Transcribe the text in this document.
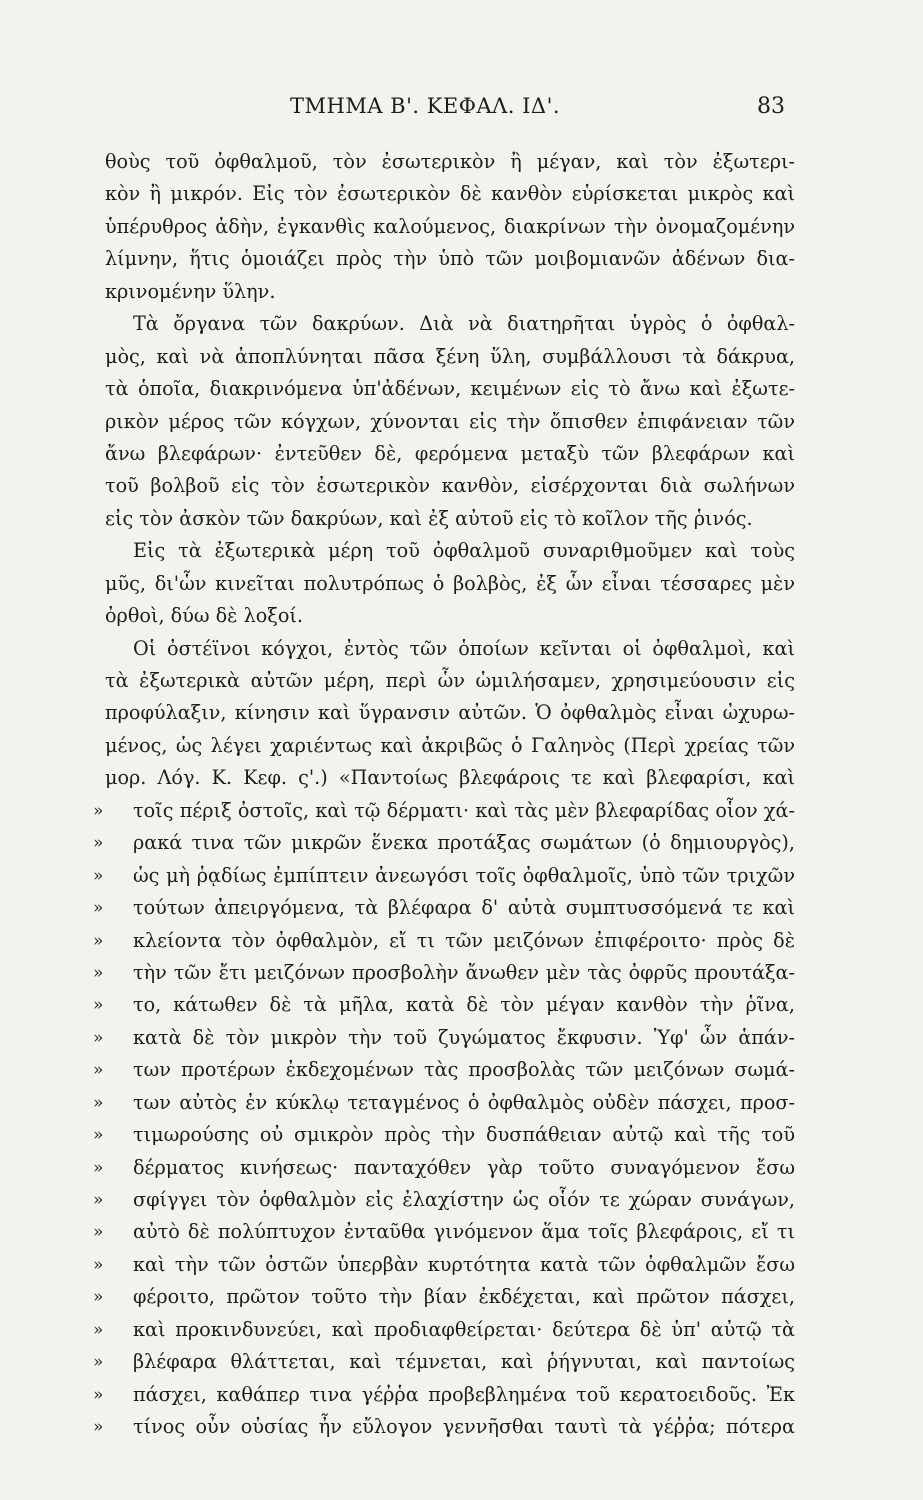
ΤΜΗΜΑ Β'. ΚΕΦΑΛ. ΙΔ'.	83
θοὺς τοῦ ὀφθαλμοῦ, τὸν ἐσωτερικὸν ἢ μέγαν, καὶ τὸν ἐξωτερι-
κὸν ἢ μικρόν. Εἰς τὸν ἐσωτερικὸν δὲ κανθὸν εὑρίσκεται μικρὸς καὶ
ὑπέρυθρος ἀδὴν, ἐγκανθὶς καλούμενος, διακρίνων τὴν ὀνομαζομένην
λίμνην, ἥτις ὁμοιάζει πρὸς τὴν ὑπὸ τῶν μοιβομιανῶν ἀδένων δια-
κρινομένην ὕλην.
Τὰ ὄργανα τῶν δακρύων. Διὰ νὰ διατηρῆται ὑγρὸς ὁ ὀφθαλ-
μὸς, καὶ νὰ ἀποπλύνηται πᾶσα ξένη ὕλη, συμβάλλουσι τὰ δάκρυα,
τὰ ὁποῖα, διακρινόμενα ὑπ'ἀδένων, κειμένων εἰς τὸ ἄνω καὶ ἐξωτε-
ρικὸν μέρος τῶν κόγχων, χύνονται εἰς τὴν ὄπισθεν ἐπιφάνειαν τῶν
ἄνω βλεφάρων· ἐντεῦθεν δὲ, φερόμενα μεταξὺ τῶν βλεφάρων καὶ
τοῦ βολβοῦ εἰς τὸν ἐσωτερικὸν κανθὸν, εἰσέρχονται διὰ σωλήνων
εἰς τὸν ἀσκὸν τῶν δακρύων, καὶ ἐξ αὐτοῦ εἰς τὸ κοῖλον τῆς ῥινός.
Εἰς τὰ ἐξωτερικὰ μέρη τοῦ ὀφθαλμοῦ συναριθμοῦμεν καὶ τοὺς
μῦς, δι'ὧν κινεῖται πολυτρόπως ὁ βολβὸς, ἐξ ὧν εἶναι τέσσαρες μὲν
ὀρθοὶ, δύω δὲ λοξοί.
Οἱ ὀστέϊνοι κόγχοι, ἐντὸς τῶν ὁποίων κεῖνται οἱ ὀφθαλμοὶ, καὶ
τὰ ἐξωτερικὰ αὐτῶν μέρη, περὶ ὧν ὡμιλήσαμεν, χρησιμεύουσιν εἰς
προφύλαξιν, κίνησιν καὶ ὕγρανσιν αὐτῶν. Ὁ ὀφθαλμὸς εἶναι ὠχυρω-
μένος, ὡς λέγει χαριέντως καὶ ἀκριβῶς ὁ Γαληνὸς (Περὶ χρείας τῶν
μορ. Λόγ. Κ. Κεφ. ς'.) «Παντοίως βλεφάροις τε καὶ βλεφαρίσι, καὶ
» τοῖς πέριξ ὀστοῖς, καὶ τῷ δέρματι· καὶ τὰς μὲν βλεφαρίδας οἷον χά-
» ρακά τινα τῶν μικρῶν ἕνεκα προτάξας σωμάτων (ὁ δημιουργὸς),
» ὡς μὴ ῥᾳδίως ἐμπίπτειν ἀνεωγόσι τοῖς ὀφθαλμοῖς, ὑπὸ τῶν τριχῶν
» τούτων ἀπειργόμενα, τὰ βλέφαρα δ' αὐτὰ συμπτυσσόμενά τε καὶ
» κλείοντα τὸν ὀφθαλμὸν, εἴ τι τῶν μειζόνων ἐπιφέροιτο· πρὸς δὲ
» τὴν τῶν ἔτι μειζόνων προσβολὴν ἄνωθεν μὲν τὰς ὀφρῦς προυτάξα-
» το, κάτωθεν δὲ τὰ μῆλα, κατὰ δὲ τὸν μέγαν κανθὸν τὴν ῥῖνα,
» κατὰ δὲ τὸν μικρὸν τὴν τοῦ ζυγώματος ἔκφυσιν. Ὑφ' ὧν ἁπάν-
» των προτέρων ἐκδεχομένων τὰς προσβολὰς τῶν μειζόνων σωμά-
» των αὐτὸς ἐν κύκλῳ τεταγμένος ὁ ὀφθαλμὸς οὐδὲν πάσχει, προσ-
» τιμωρούσης οὐ σμικρὸν πρὸς τὴν δυσπάθειαν αὐτῷ καὶ τῆς τοῦ
» δέρματος κινήσεως· πανταχόθεν γὰρ τοῦτο συναγόμενον ἔσω
» σφίγγει τὸν ὀφθαλμὸν εἰς ἐλαχίστην ὡς οἷόν τε χώραν συνάγων,
» αὐτὸ δὲ πολύπτυχον ἐνταῦθα γινόμενον ἅμα τοῖς βλεφάροις, εἴ τι
» καὶ τὴν τῶν ὀστῶν ὑπερβὰν κυρτότητα κατὰ τῶν ὀφθαλμῶν ἔσω
» φέροιτο, πρῶτον τοῦτο τὴν βίαν ἐκδέχεται, καὶ πρῶτον πάσχει,
» καὶ προκινδυνεύει, καὶ προδιαφθείρεται· δεύτερα δὲ ὑπ' αὐτῷ τὰ
» βλέφαρα θλάττεται, καὶ τέμνεται, καὶ ῥήγνυται, καὶ παντοίως
» πάσχει, καθάπερ τινα γέῤῥα προβεβλημένα τοῦ κερατοειδοῦς. Ἐκ
» τίνος οὖν οὐσίας ἦν εὔλογον γεννῆσθαι ταυτὶ τὰ γέῤῥα; πότερα
